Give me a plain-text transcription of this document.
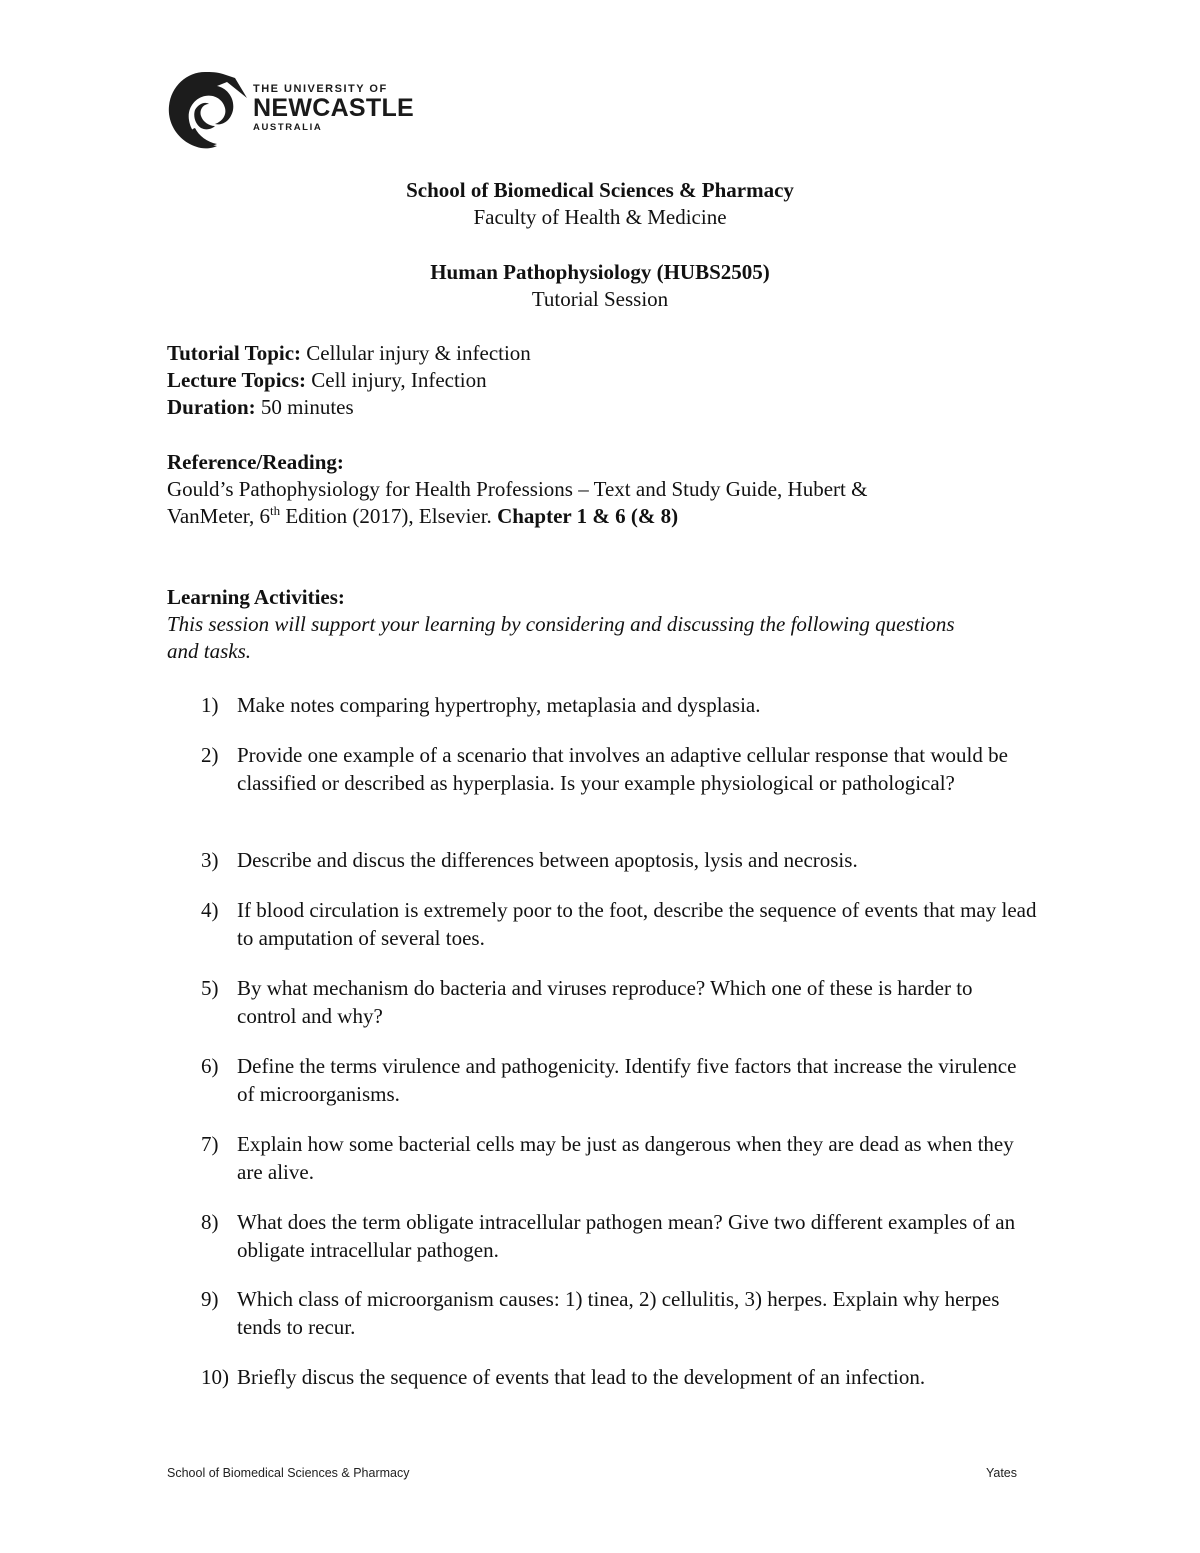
THE UNIVERSITY OF
NEWCASTLE
AUSTRALIA
School of Biomedical Sciences & Pharmacy
Faculty of Health & Medicine
Human Pathophysiology (HUBS2505)
Tutorial Session
Tutorial Topic: Cellular injury & infection
Lecture Topics: Cell injury, Infection
Duration: 50 minutes
Reference/Reading:
Gould’s Pathophysiology for Health Professions – Text and Study Guide, Hubert &
VanMeter, 6th Edition (2017), Elsevier. Chapter 1 & 6 (& 8)
Learning Activities:
This session will support your learning by considering and discussing the following questions and tasks.
1) Make notes comparing hypertrophy, metaplasia and dysplasia.
2) Provide one example of a scenario that involves an adaptive cellular response that would be classified or described as hyperplasia. Is your example physiological or pathological?
3) Describe and discus the differences between apoptosis, lysis and necrosis.
4) If blood circulation is extremely poor to the foot, describe the sequence of events that may lead to amputation of several toes.
5) By what mechanism do bacteria and viruses reproduce? Which one of these is harder to control and why?
6) Define the terms virulence and pathogenicity. Identify five factors that increase the virulence of microorganisms.
7) Explain how some bacterial cells may be just as dangerous when they are dead as when they are alive.
8) What does the term obligate intracellular pathogen mean? Give two different examples of an obligate intracellular pathogen.
9) Which class of microorganism causes: 1) tinea, 2) cellulitis, 3) herpes. Explain why herpes tends to recur.
10) Briefly discus the sequence of events that lead to the development of an infection.
School of Biomedical Sciences & Pharmacy	Yates
